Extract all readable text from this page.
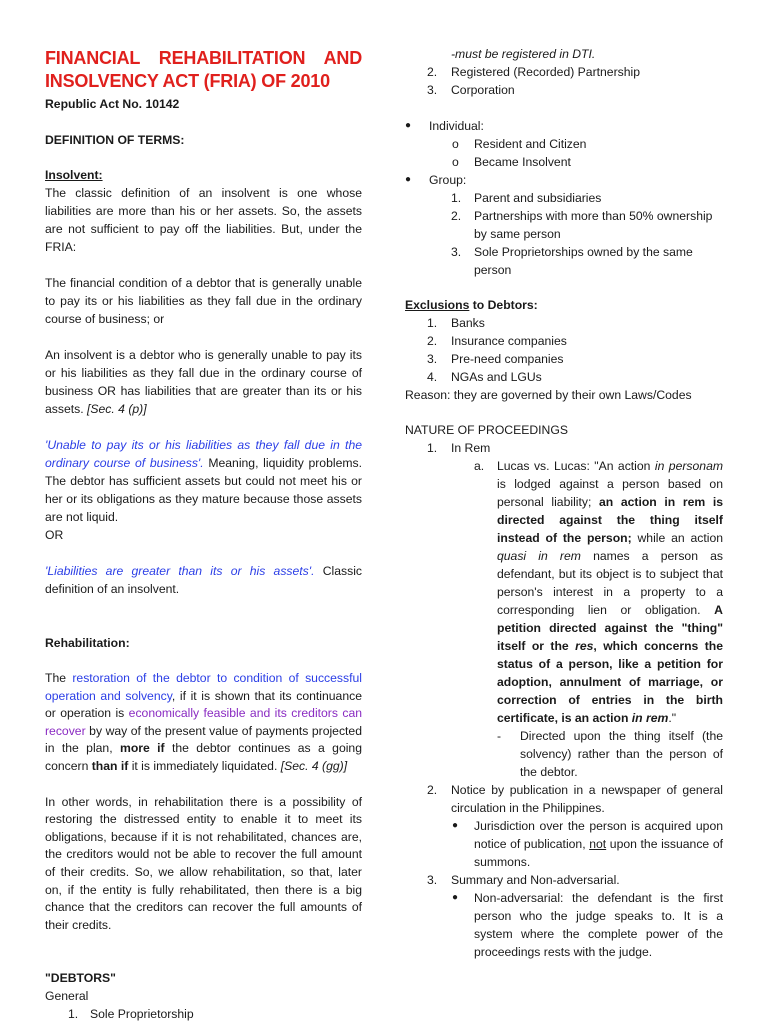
FINANCIAL REHABILITATION AND

INSOLVENCY ACT (FRIA) OF 2010

Republic Act No. 10142

DEFINITION OF TERMS:

Insolvent:

The classic definition of an insolvent is one whose liabilities are more than his or her assets. So, the assets are not sufficient to pay off the liabilities. But, under the FRIA:

The financial condition of a debtor that is generally unable to pay its or his liabilities as they fall due in the ordinary course of business; or

An insolvent is a debtor who is generally unable to pay its or his liabilities as they fall due in the ordinary course of business OR has liabilities that are greater than its or his assets. [Sec. 4 (p)]

'Unable to pay its or his liabilities as they fall due in the ordinary course of business'. Meaning, liquidity problems. The debtor has sufficient assets but could not meet his or her or its obligations as they mature because those assets are not liquid.

OR

'Liabilities are greater than its or his assets'. Classic definition of an insolvent.

Rehabilitation:

The restoration of the debtor to condition of successful operation and solvency, if it is shown that its continuance or operation is economically feasible and its creditors can recover by way of the present value of payments projected in the plan, more if the debtor continues as a going concern than if it is immediately liquidated. [Sec. 4 (gg)]

In other words, in rehabilitation there is a possibility of restoring the distressed entity to enable it to meet its obligations, because if it is not rehabilitated, chances are, the creditors would not be able to recover the full amount of their credits. So, we allow rehabilitation, so that, later on, if the entity is fully rehabilitated, then there is a big chance that the creditors can recover the full amounts of their credits.

"DEBTORS"

General

1. Sole Proprietorship

-must be registered in DTI.

2. Registered (Recorded) Partnership
3. Corporation
● Individual:
o Resident and Citizen
o Became Insolvent
● Group:
1. Parent and subsidiaries
2. Partnerships with more than 50% ownership by same person
3. Sole Proprietorships owned by the same person

Exclusions to Debtors:

1. Banks
2. Insurance companies
3. Pre-need companies
4. NGAs and LGUs

Reason: they are governed by their own Laws/Codes

NATURE OF PROCEEDINGS

1. In Rem
a. Lucas vs. Lucas: "An action in personam is lodged against a person based on personal liability; an action in rem is directed against the thing itself instead of the person; while an action quasi in rem names a person as defendant, but its object is to subject that person's interest in a property to a corresponding lien or obligation. A petition directed against the "thing" itself or the res, which concerns the status of a person, like a petition for adoption, annulment of marriage, or correction of entries in the birth certificate, is an action in rem."

- Directed upon the thing itself (the solvency) rather than the person of the debtor.

2. Notice by publication in a newspaper of general circulation in the Philippines.

● Jurisdiction over the person is acquired upon notice of publication, not upon the issuance of summons.

3. Summary and Non-adversarial.
● Non-adversarial: the defendant is the first person who the judge speaks to. It is a system where the complete power of the proceedings rests with the judge.
